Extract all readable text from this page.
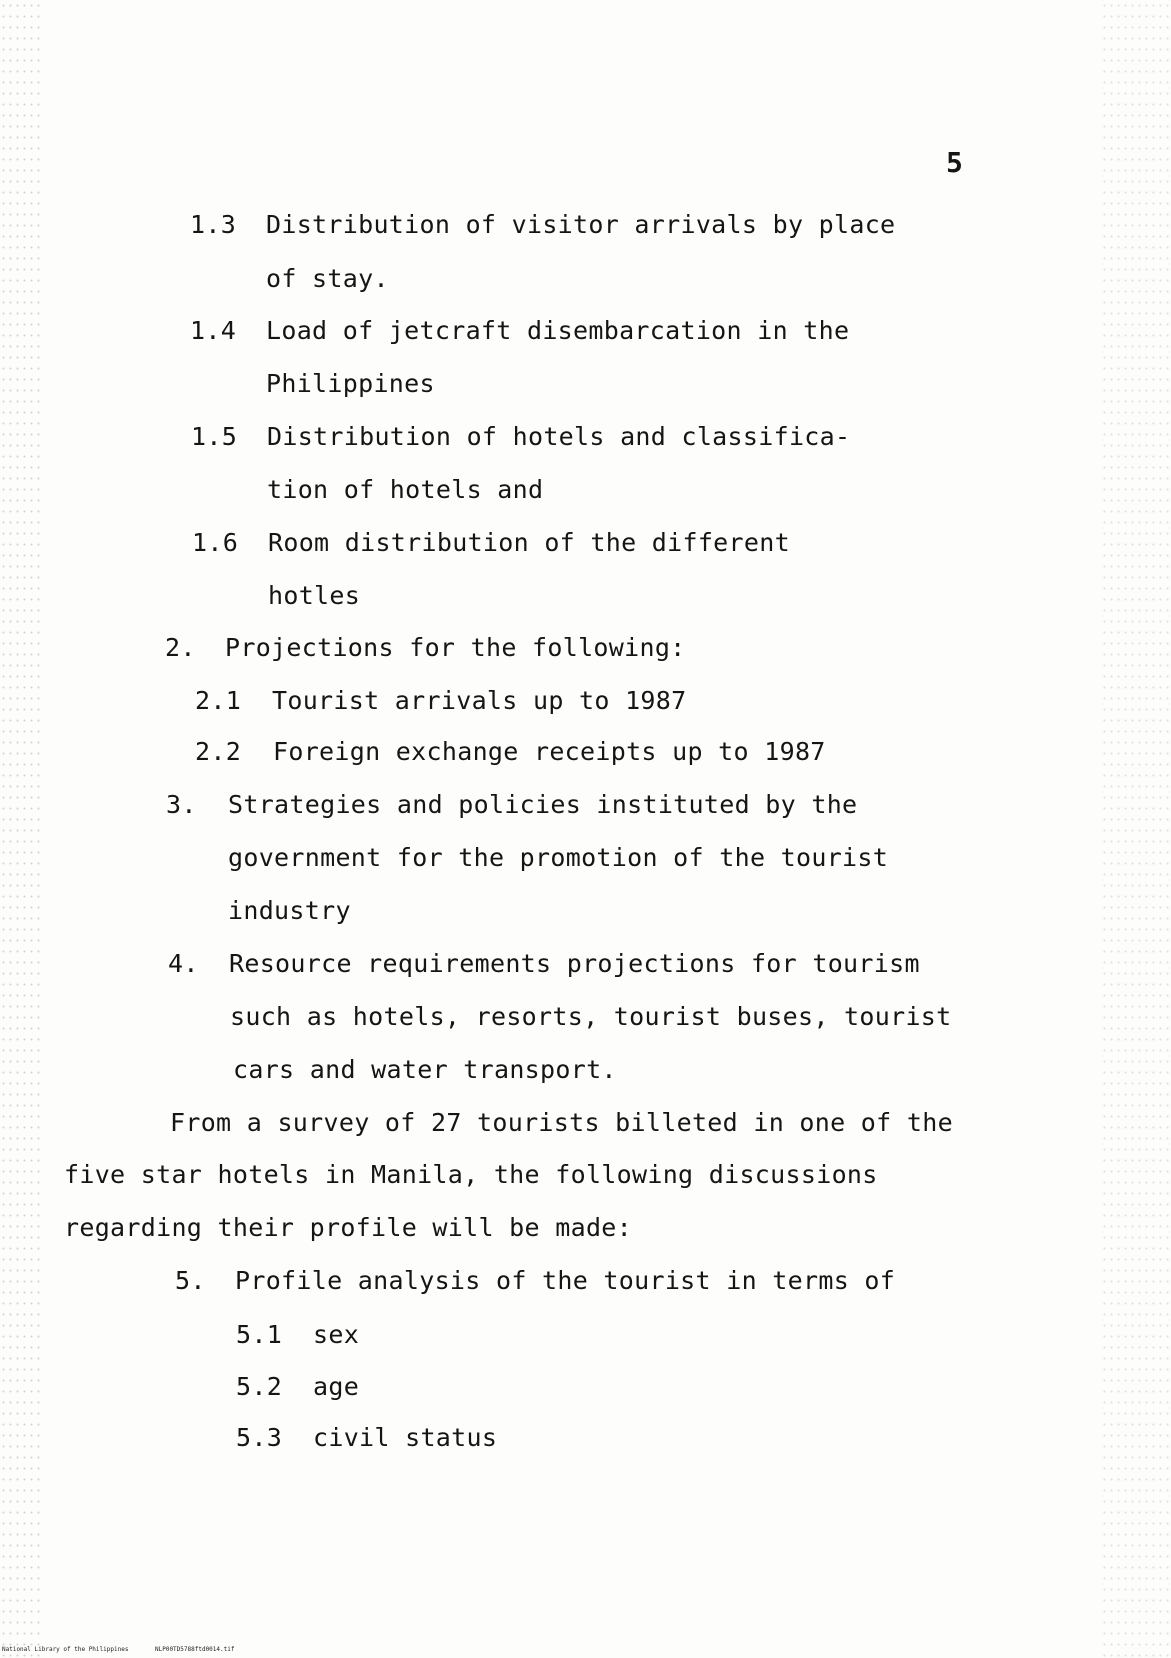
5
1.3 Distribution of visitor arrivals by place
of stay.
1.4 Load of jetcraft disembarcation in the
Philippines
1.5 Distribution of hotels and classifica-
tion of hotels and
1.6 Room distribution of the different
hotles
2. Projections for the following:
2.1 Tourist arrivals up to 1987
2.2 Foreign exchange receipts up to 1987
3. Strategies and policies instituted by the
government for the promotion of the tourist
industry
4. Resource requirements projections for tourism
such as hotels, resorts, tourist buses, tourist
cars and water transport.
From a survey of 27 tourists billeted in one of the
five star hotels in Manila, the following discussions
regarding their profile will be made:
5. Profile analysis of the tourist in terms of
5.1 sex
5.2 age
5.3 civil status
National Library of the Philippines	NLP00TD5788ftd0014.tif
